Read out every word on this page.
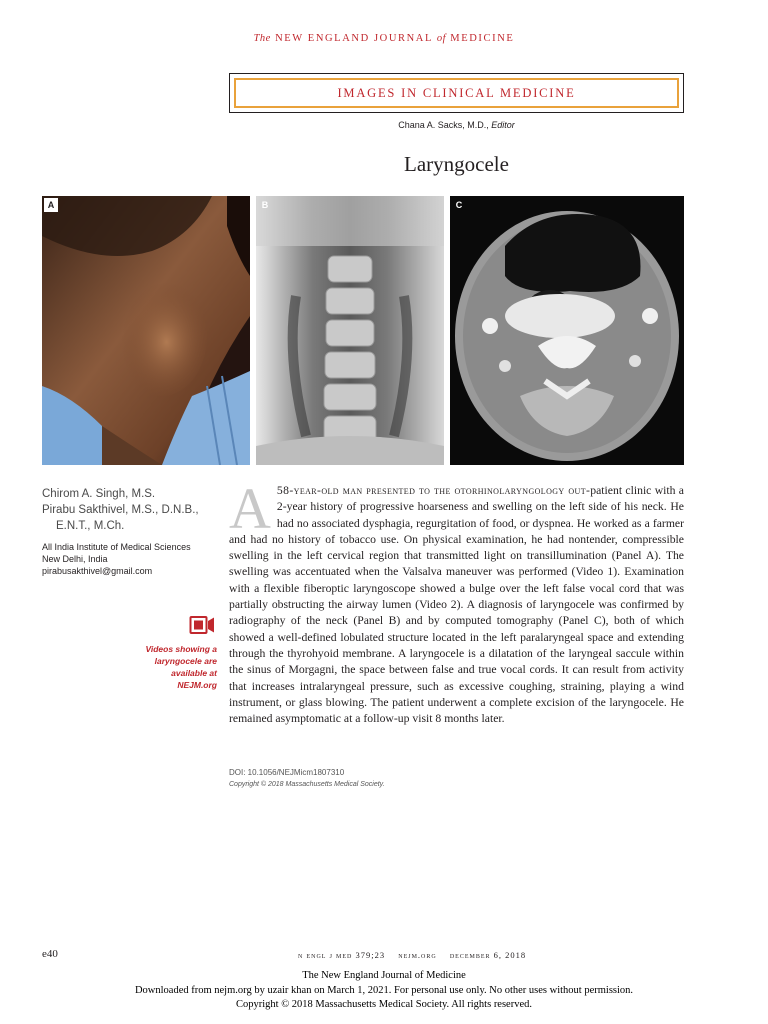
The NEW ENGLAND JOURNAL of MEDICINE
IMAGES IN CLINICAL MEDICINE
Chana A. Sacks, M.D., Editor
Laryngocele
A	B	C
Chirom A. Singh, M.S.
Pirabu Sakthivel, M.S., D.N.B.,
E.N.T., M.Ch.
All India Institute of Medical Sciences
New Delhi, India
pirabusakthivel@gmail.com
Videos showing a
laryngocele are
available at
NEJM.org
A 58-year-old man presented to the otorhinolaryngology out-patient clinic with a 2-year history of progressive hoarseness and swelling on the left side of his neck. He had no associated dysphagia, regurgitation of food, or dyspnea. He worked as a farmer and had no history of tobacco use. On physical examination, he had nontender, compressible swelling in the left cervical region that transmitted light on transillumination (Panel A). The swelling was accentuated when the Valsalva maneuver was performed (Video 1). Examination with a flexible fiberoptic laryngoscope showed a bulge over the left false vocal cord that was partially obstructing the airway lumen (Video 2). A diagnosis of laryngocele was confirmed by radiography of the neck (Panel B) and by computed tomography (Panel C), both of which showed a well-defined lobulated structure located in the left paralaryngeal space and extending through the thyrohyoid membrane. A laryngocele is a dilatation of the laryngeal saccule within the sinus of Morgagni, the space between false and true vocal cords. It can result from activity that increases intralaryngeal pressure, such as excessive coughing, straining, playing a wind instrument, or glass blowing. The patient underwent a complete excision of the laryngocele. He remained asymptomatic at a follow-up visit 8 months later.
DOI: 10.1056/NEJMicm1807310
Copyright © 2018 Massachusetts Medical Society.
e40	n engl j med 379;23 nejm.org december 6, 2018
The New England Journal of Medicine
Downloaded from nejm.org by uzair khan on March 1, 2021. For personal use only. No other uses without permission.
Copyright © 2018 Massachusetts Medical Society. All rights reserved.
